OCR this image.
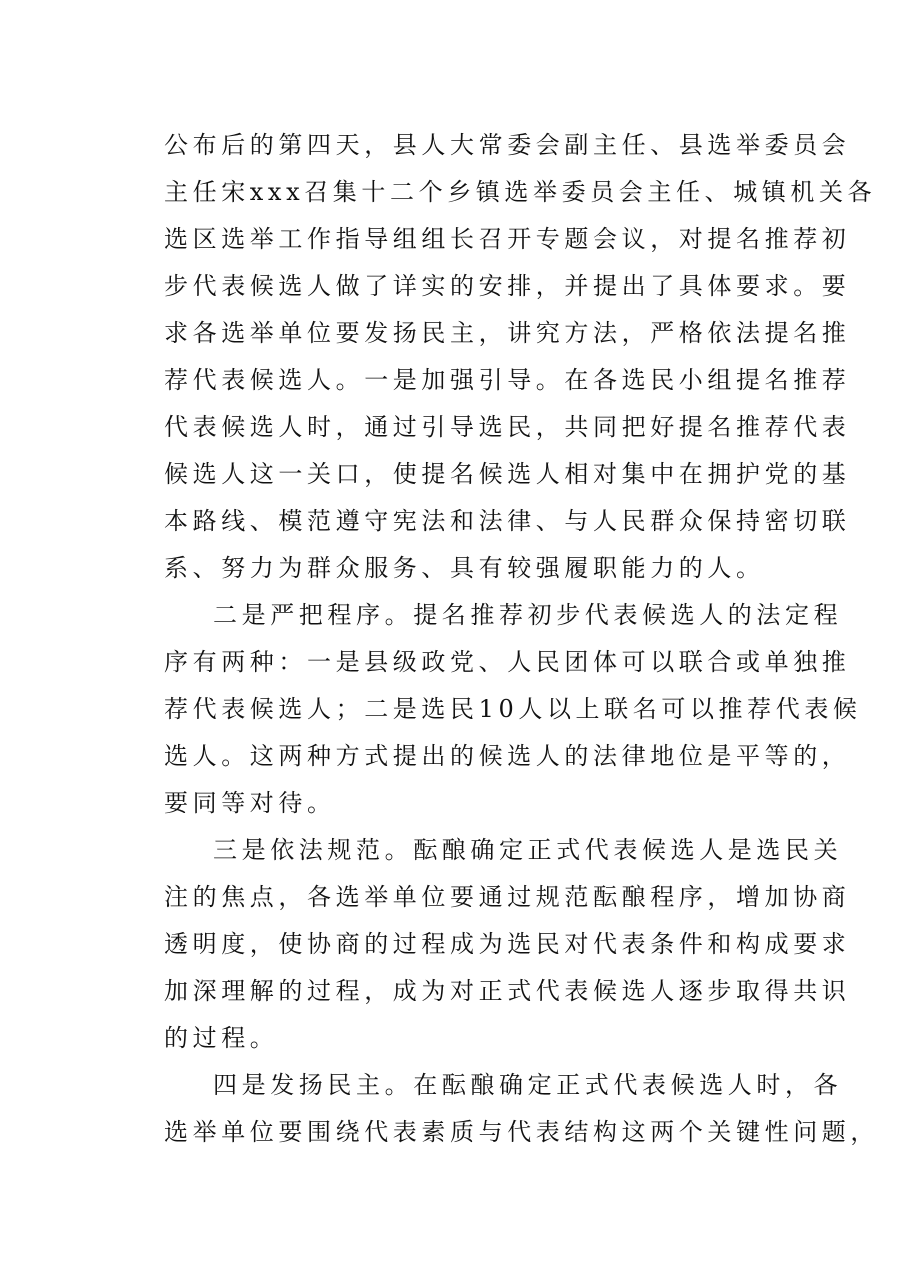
公布后的第四天，县人大常委会副主任、县选举委员会
主任宋xxx召集十二个乡镇选举委员会主任、城镇机关各
选区选举工作指导组组长召开专题会议，对提名推荐初
步代表候选人做了详实的安排，并提出了具体要求。要
求各选举单位要发扬民主，讲究方法，严格依法提名推
荐代表候选人。一是加强引导。在各选民小组提名推荐
代表候选人时，通过引导选民，共同把好提名推荐代表
候选人这一关口，使提名候选人相对集中在拥护党的基
本路线、模范遵守宪法和法律、与人民群众保持密切联
系、努力为群众服务、具有较强履职能力的人。
二是严把程序。提名推荐初步代表候选人的法定程
序有两种：一是县级政党、人民团体可以联合或单独推
荐代表候选人；二是选民10人以上联名可以推荐代表候
选人。这两种方式提出的候选人的法律地位是平等的，
要同等对待。
三是依法规范。酝酿确定正式代表候选人是选民关
注的焦点，各选举单位要通过规范酝酿程序，增加协商
透明度，使协商的过程成为选民对代表条件和构成要求
加深理解的过程，成为对正式代表候选人逐步取得共识
的过程。
四是发扬民主。在酝酿确定正式代表候选人时，各
选举单位要围绕代表素质与代表结构这两个关键性问题，
